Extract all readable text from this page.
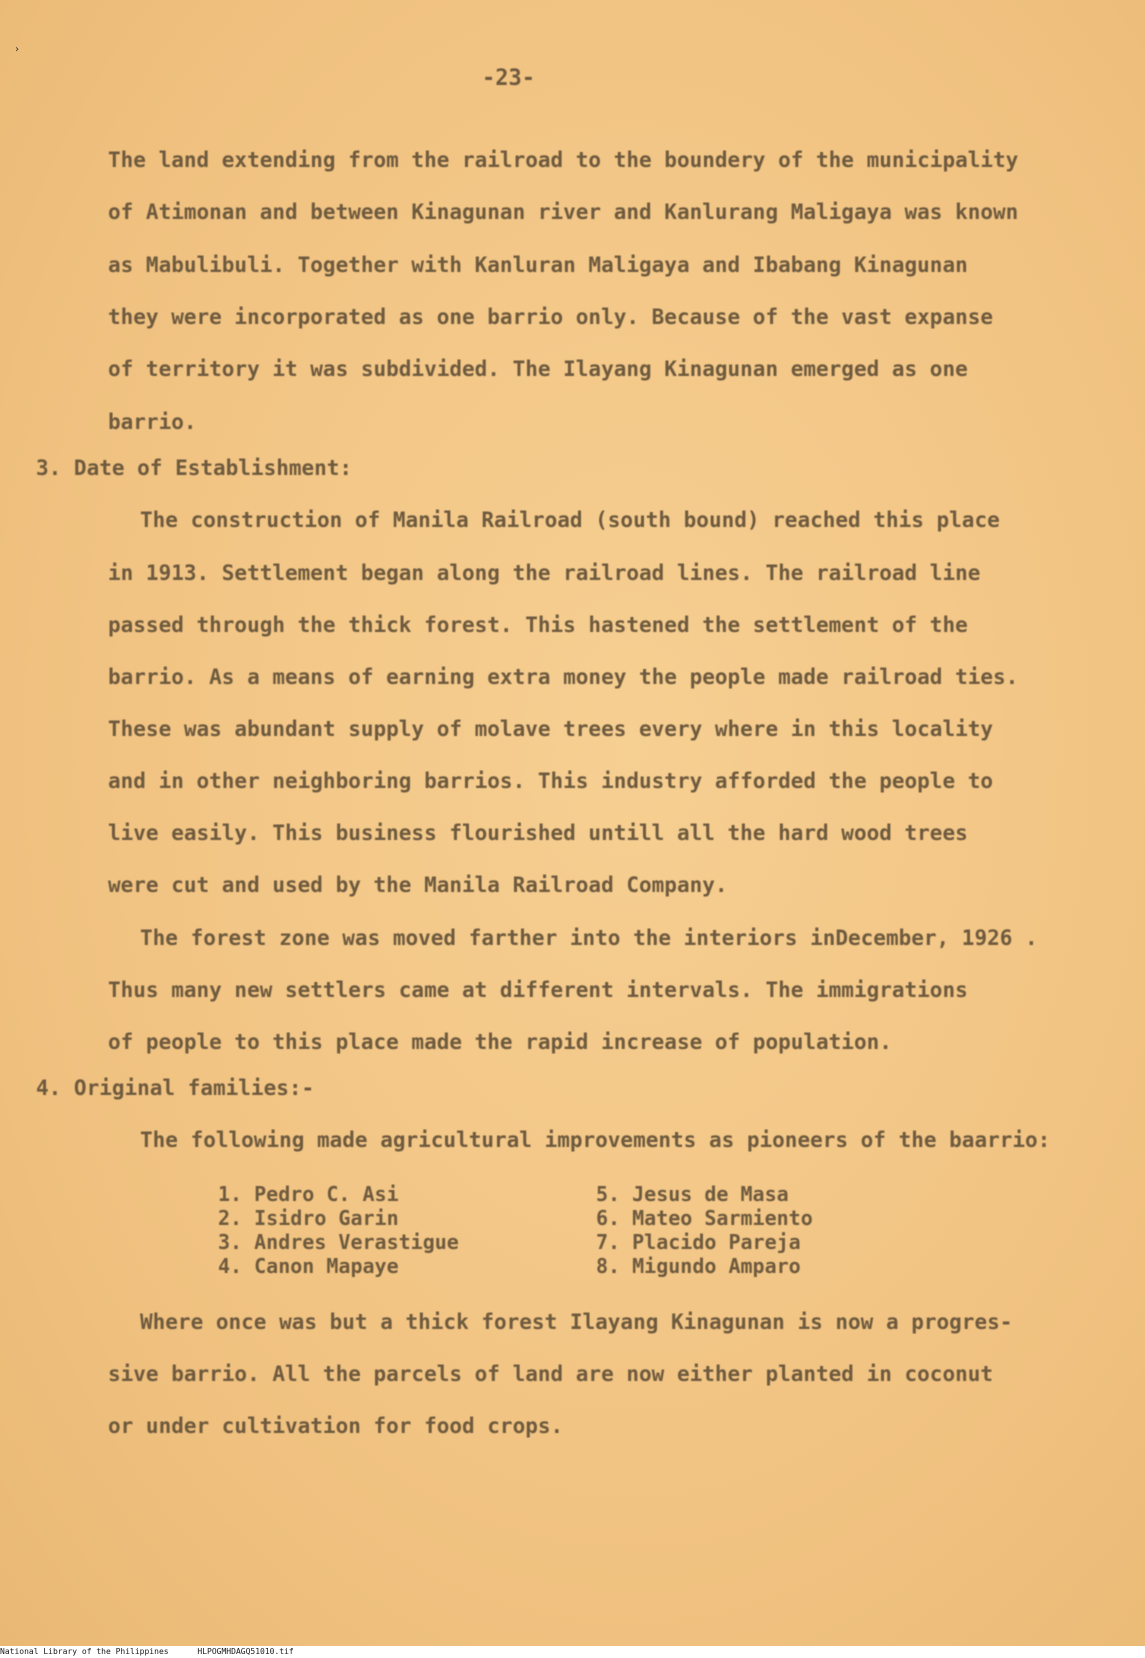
›
-23-
The land extending from the railroad to the boundery of the municipality
of Atimonan and between Kinagunan river and Kanlurang Maligaya was known
as Mabulibuli. Together with Kanluran Maligaya and Ibabang Kinagunan
they were incorporated as one barrio only. Because of the vast expanse
of territory it was subdivided. The Ilayang Kinagunan emerged as one
barrio.
3. Date of Establishment:
The construction of Manila Railroad (south bound) reached this place
in 1913. Settlement began along the railroad lines. The railroad line
passed through the thick forest. This hastened the settlement of the
barrio. As a means of earning extra money the people made railroad ties.
These was abundant supply of molave trees every where in this locality
and in other neighboring barrios. This industry afforded the people to
live easily. This business flourished untill all the hard wood trees
were cut and used by the Manila Railroad Company.
The forest zone was moved farther into the interiors inDecember, 1926 .
Thus many new settlers came at different intervals. The immigrations
of people to this place made the rapid increase of population.
4. Original families:-
The following made agricultural improvements as pioneers of the baarrio:
1. Pedro C. Asi
2. Isidro Garin
3. Andres Verastigue
4. Canon Mapaye
5. Jesus de Masa
6. Mateo Sarmiento
7. Placido Pareja
8. Migundo Amparo
Where once was but a thick forest Ilayang Kinagunan is now a progres-
sive barrio. All the parcels of land are now either planted in coconut
or under cultivation for food crops.
National Library of the Philippines	HLPOGMHDAGQ51010.tif
